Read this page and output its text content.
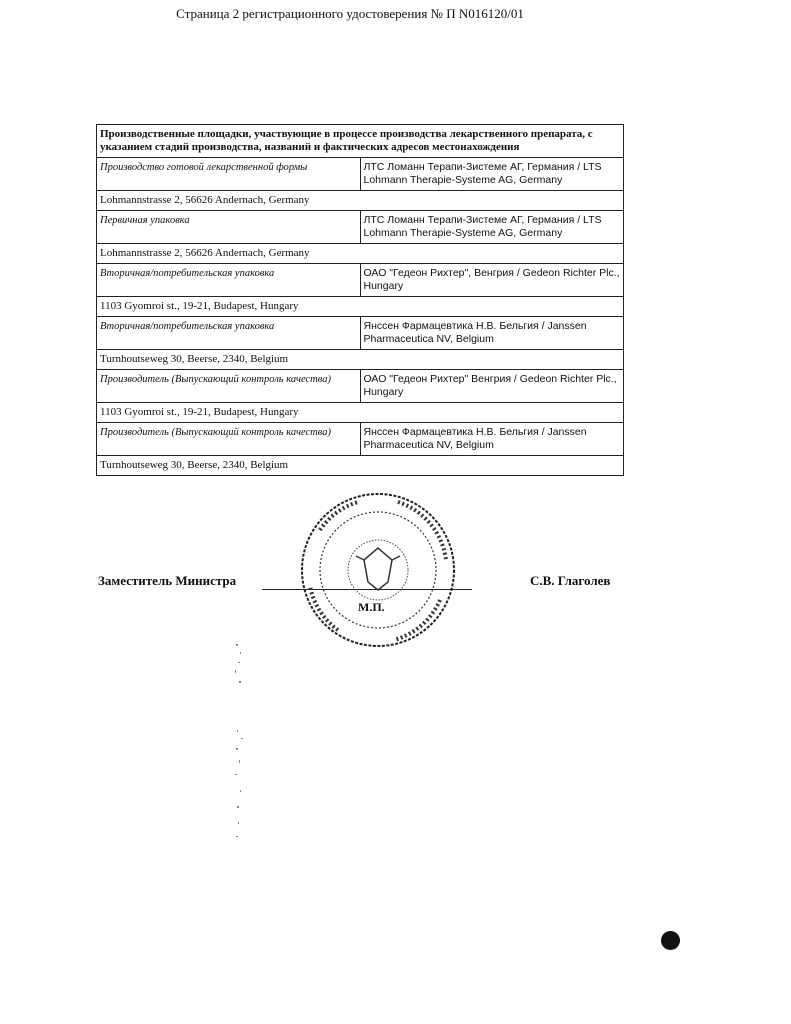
Страница 2 регистрационного удостоверения № П N016120/01
Производственные площадки, участвующие в процессе производства лекарственного препарата, с указанием стадий производства, названий и фактических адресов местонахождения	
Производство готовой лекарственной формы	ЛТС Ломанн Терапи-Зистеме АГ, Германия / LTS Lohmann Therapie-Systeme AG, Germany
Lohmannstrasse 2, 56626 Andernach, Germany	
Первичная упаковка	ЛТС Ломанн Терапи-Зистеме АГ, Германия / LTS Lohmann Therapie-Systeme AG, Germany
Lohmannstrasse 2, 56626 Andernach, Germany	
Вторичная/потребительская упаковка	ОАО "Гедеон Рихтер", Венгрия / Gedeon Richter Plc., Hungary
1103 Gyomroi st., 19-21, Budapest, Hungary	
Вторичная/потребительская упаковка	Янссен Фармацевтика Н.В. Бельгия / Janssen Pharmaceutica NV, Belgium
Turnhoutseweg 30, Beerse, 2340, Belgium	
Производитель (Выпускающий контроль качества)	ОАО "Гедеон Рихтер" Венгрия / Gedeon Richter Plc., Hungary
1103 Gyomroi st., 19-21, Budapest, Hungary	
Производитель (Выпускающий контроль качества)	Янссен Фармацевтика Н.В. Бельгия / Janssen Pharmaceutica NV, Belgium
Turnhoutseweg 30, Beerse, 2340, Belgium	
Заместитель Министра	С.В. Глаголев
М.П.
